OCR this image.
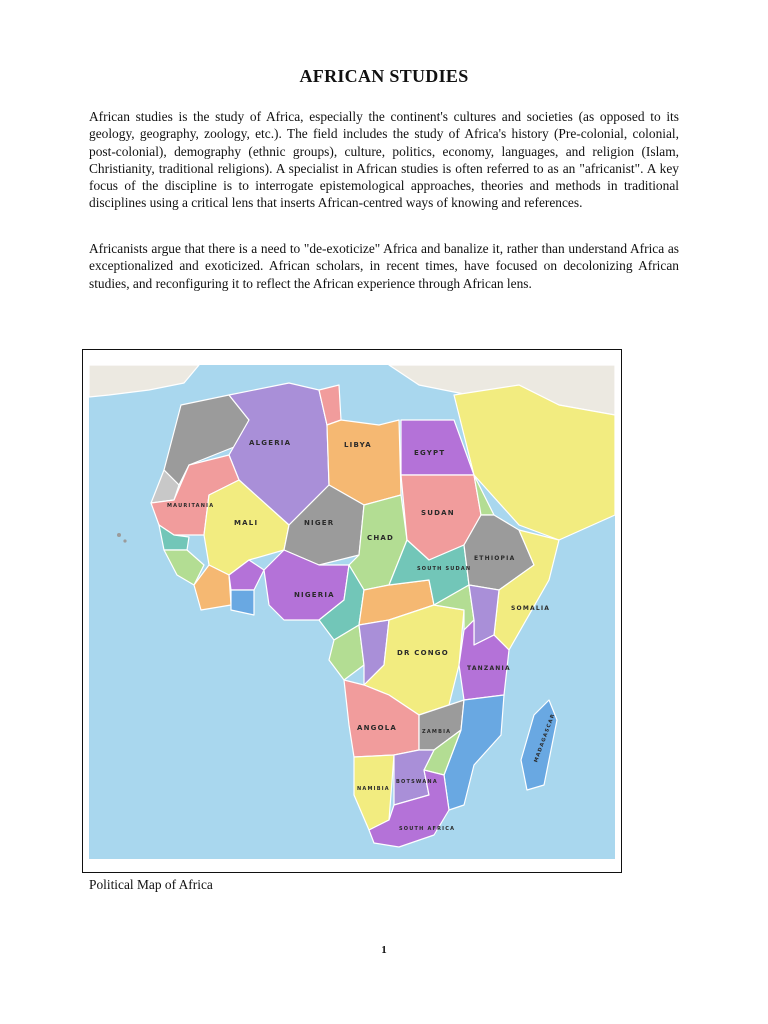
AFRICAN STUDIES

African studies is the study of Africa, especially the continent's cultures and societies (as opposed to its geology, geography, zoology, etc.). The field includes the study of Africa's history (Pre-colonial, colonial, post-colonial), demography (ethnic groups), culture, politics, economy, languages, and religion (Islam, Christianity, traditional religions). A specialist in African studies is often referred to as an "africanist". A key focus of the discipline is to interrogate epistemological approaches, theories and methods in traditional disciplines using a critical lens that inserts African-centred ways of knowing and references.

Africanists argue that there is a need to "de-exoticize" Africa and banalize it, rather than understand Africa as exceptionalized and exoticized. African scholars, in recent times, have focused on decolonizing African studies, and reconfiguring it to reflect the African experience through African lens.

ALGERIA	LIBYA
EGYPT
MAURITANIA
MALI	NIGER
CHAD
SUDAN
NIGERIA
SOUTH SUDAN
ETHIOPIA
SOMALIA
DR CONGO
TANZANIA
ANGOLA	ZAMBIA
NAMIBIA
BOTSWANA
SOUTH AFRICA
MADAGASCAR
Political Map of Africa
1
